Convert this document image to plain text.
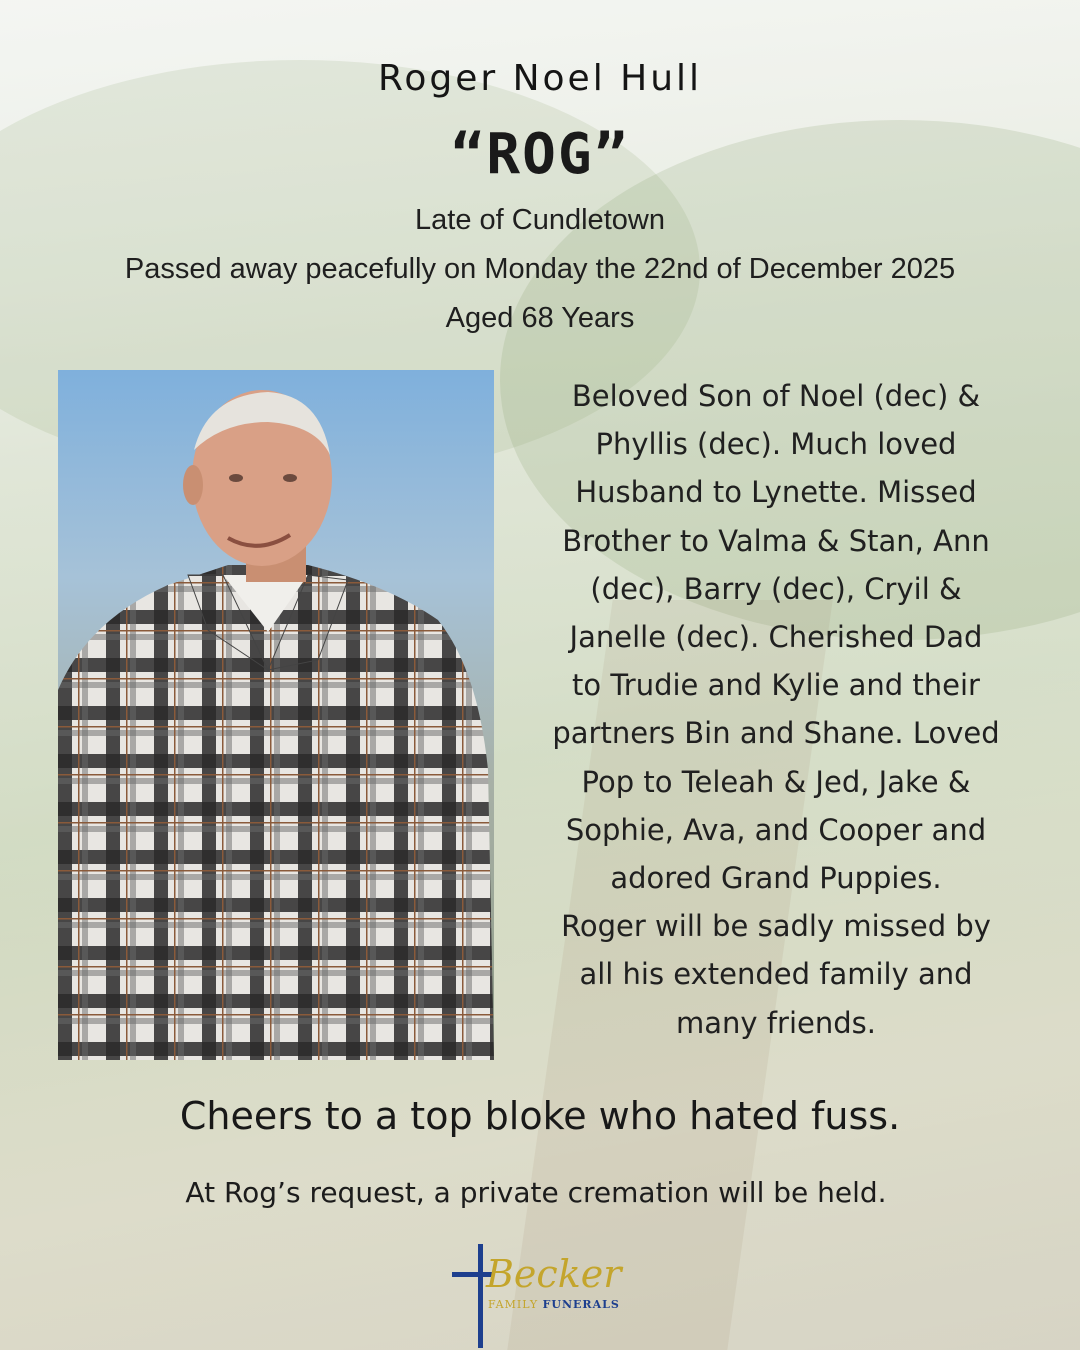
Roger Noel Hull
“ROG”
Late of Cundletown
Passed away peacefully on Monday the 22nd of December 2025
Aged 68 Years
Beloved Son of Noel (dec) &
Phyllis (dec). Much loved
Husband to Lynette. Missed
Brother to Valma & Stan, Ann
(dec), Barry (dec), Cryil &
Janelle (dec). Cherished Dad
to Trudie and Kylie and their
partners Bin and Shane. Loved
Pop to Teleah & Jed, Jake &
Sophie, Ava, and Cooper and
adored Grand Puppies.
Roger will be sadly missed by
all his extended family and
many friends.
Cheers to a top bloke who hated fuss.
At Rog’s request, a private cremation will be held.
Becker
FAMILY FUNERALS
